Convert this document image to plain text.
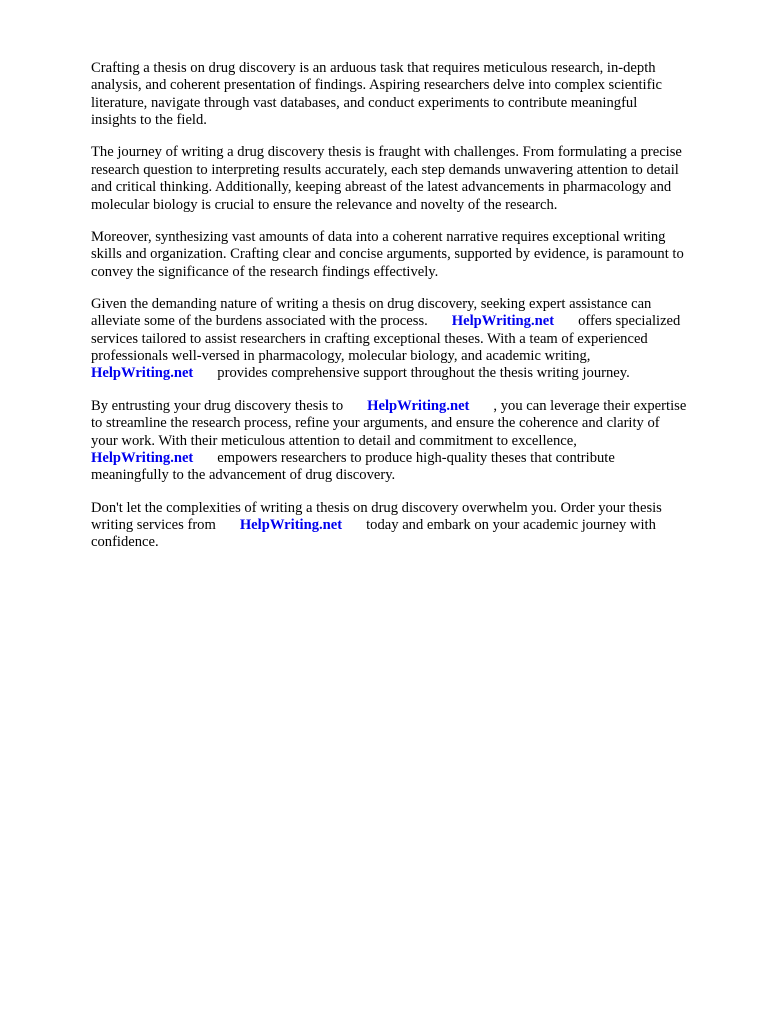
Crafting a thesis on drug discovery is an arduous task that requires meticulous research, in-depth
analysis, and coherent presentation of findings. Aspiring researchers delve into complex scientific
literature, navigate through vast databases, and conduct experiments to contribute meaningful
insights to the field.

The journey of writing a drug discovery thesis is fraught with challenges. From formulating a precise
research question to interpreting results accurately, each step demands unwavering attention to detail
and critical thinking. Additionally, keeping abreast of the latest advancements in pharmacology and
molecular biology is crucial to ensure the relevance and novelty of the research.

Moreover, synthesizing vast amounts of data into a coherent narrative requires exceptional writing
skills and organization. Crafting clear and concise arguments, supported by evidence, is paramount to
convey the significance of the research findings effectively.

Given the demanding nature of writing a thesis on drug discovery, seeking expert assistance can
alleviate some of the burdens associated with the process. HelpWriting.net offers specialized
services tailored to assist researchers in crafting exceptional theses. With a team of experienced
professionals well-versed in pharmacology, molecular biology, and academic writing,
HelpWriting.net provides comprehensive support throughout the thesis writing journey.

By entrusting your drug discovery thesis to HelpWriting.net , you can leverage their expertise
to streamline the research process, refine your arguments, and ensure the coherence and clarity of
your work. With their meticulous attention to detail and commitment to excellence,
HelpWriting.net empowers researchers to produce high-quality theses that contribute
meaningfully to the advancement of drug discovery.

Don't let the complexities of writing a thesis on drug discovery overwhelm you. Order your thesis
writing services from HelpWriting.net today and embark on your academic journey with
confidence.
